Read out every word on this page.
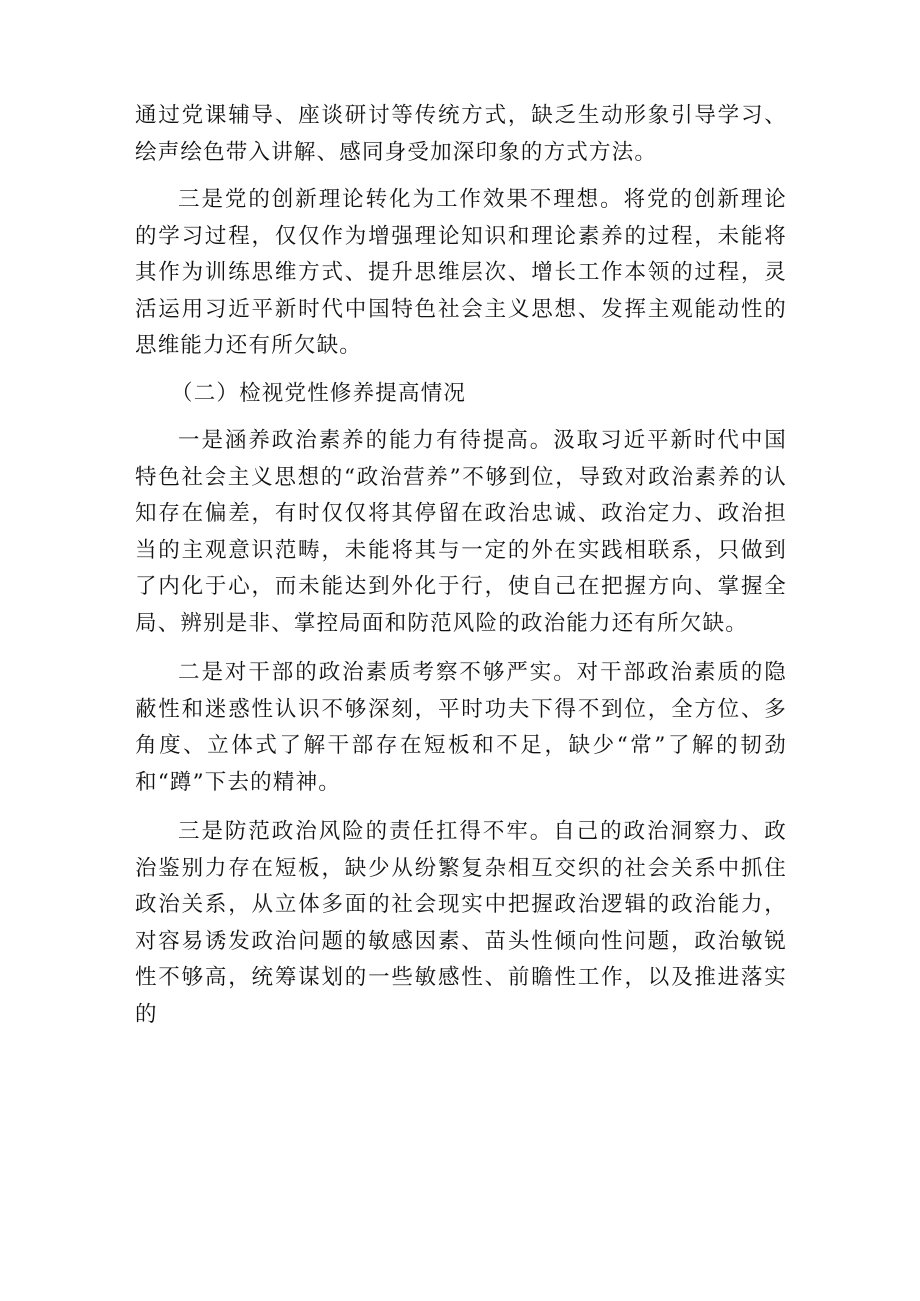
通过党课辅导、座谈研讨等传统方式，缺乏生动形象引导学习、绘声绘色带入讲解、感同身受加深印象的方式方法。

三是党的创新理论转化为工作效果不理想。将党的创新理论的学习过程，仅仅作为增强理论知识和理论素养的过程，未能将其作为训练思维方式、提升思维层次、增长工作本领的过程，灵活运用习近平新时代中国特色社会主义思想、发挥主观能动性的思维能力还有所欠缺。

（二）检视党性修养提高情况

一是涵养政治素养的能力有待提高。汲取习近平新时代中国特色社会主义思想的“政治营养”不够到位，导致对政治素养的认知存在偏差，有时仅仅将其停留在政治忠诚、政治定力、政治担当的主观意识范畴，未能将其与一定的外在实践相联系，只做到了内化于心，而未能达到外化于行，使自己在把握方向、掌握全局、辨别是非、掌控局面和防范风险的政治能力还有所欠缺。

二是对干部的政治素质考察不够严实。对干部政治素质的隐蔽性和迷惑性认识不够深刻，平时功夫下得不到位，全方位、多角度、立体式了解干部存在短板和不足，缺少“常”了解的韧劲和“蹲”下去的精神。

三是防范政治风险的责任扛得不牢。自己的政治洞察力、政治鉴别力存在短板，缺少从纷繁复杂相互交织的社会关系中抓住政治关系，从立体多面的社会现实中把握政治逻辑的政治能力，对容易诱发政治问题的敏感因素、苗头性倾向性问题，政治敏锐性不够高，统筹谋划的一些敏感性、前瞻性工作，以及推进落实的
